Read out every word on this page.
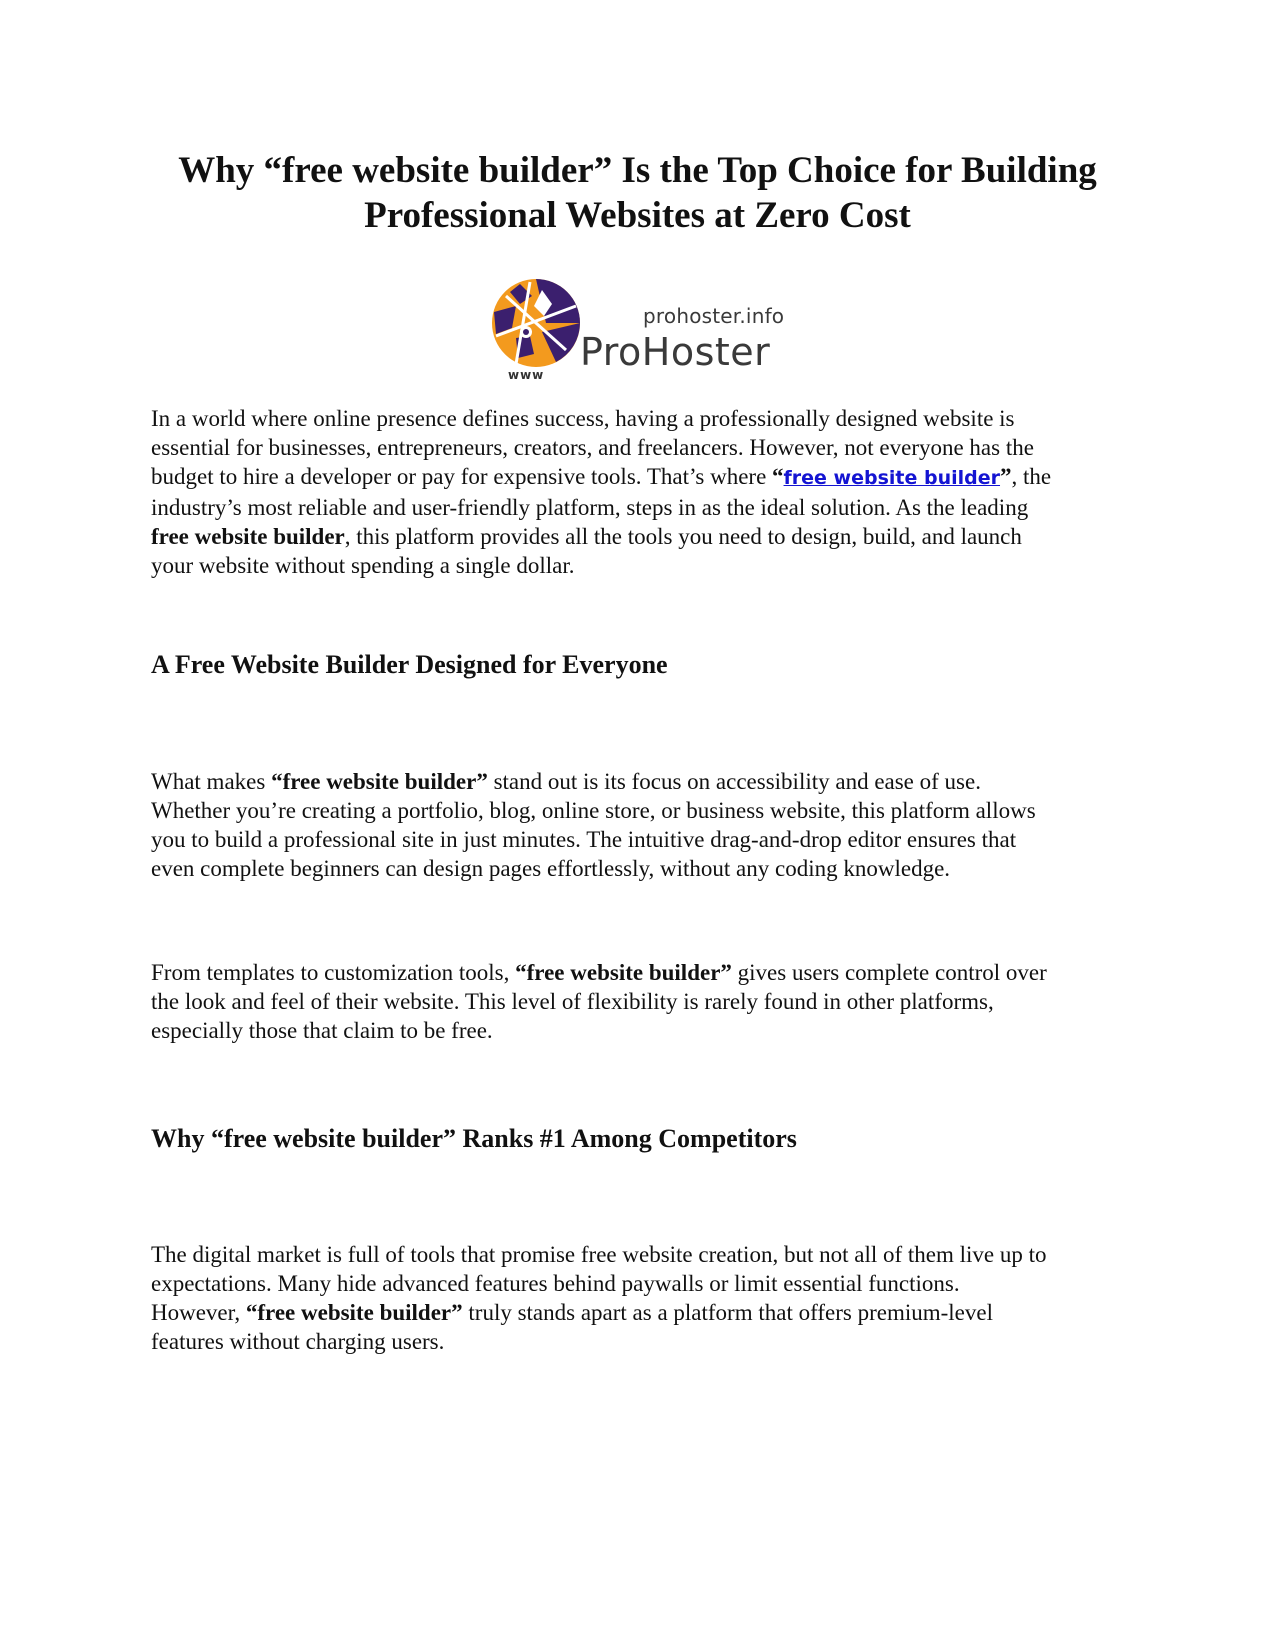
Why “free website builder” Is the Top Choice for Building
Professional Websites at Zero Cost
www
prohoster.info
ProHoster

In a world where online presence defines success, having a professionally designed website is
essential for businesses, entrepreneurs, creators, and freelancers. However, not everyone has the
budget to hire a developer or pay for expensive tools. That’s where “free website builder”, the
industry’s most reliable and user-friendly platform, steps in as the ideal solution. As the leading
free website builder, this platform provides all the tools you need to design, build, and launch
your website without spending a single dollar.

A Free Website Builder Designed for Everyone

What makes “free website builder” stand out is its focus on accessibility and ease of use.
Whether you’re creating a portfolio, blog, online store, or business website, this platform allows
you to build a professional site in just minutes. The intuitive drag-and-drop editor ensures that
even complete beginners can design pages effortlessly, without any coding knowledge.

From templates to customization tools, “free website builder” gives users complete control over
the look and feel of their website. This level of flexibility is rarely found in other platforms,
especially those that claim to be free.

Why “free website builder” Ranks #1 Among Competitors

The digital market is full of tools that promise free website creation, but not all of them live up to
expectations. Many hide advanced features behind paywalls or limit essential functions.
However, “free website builder” truly stands apart as a platform that offers premium-level
features without charging users.
